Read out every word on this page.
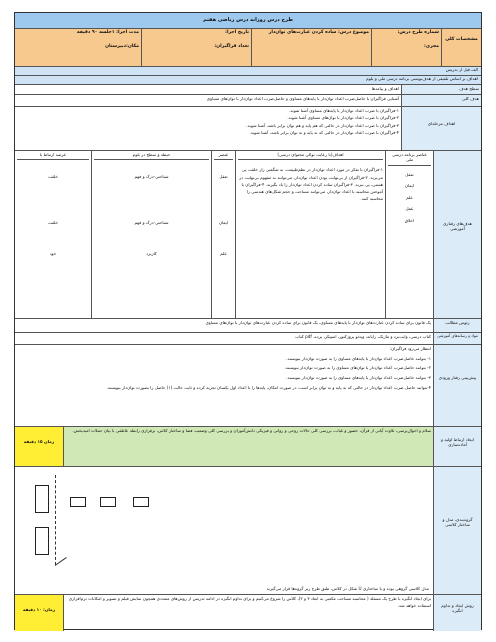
طرح درس روزانه درس ریاضی هفتم
مشخصات کلی
شماره طرح درس:
مجری:
موضوع درس: ساده کردن عبارت‌های توان‌دار
تاریخ اجرا:
تعداد فراگیران:
مدت اجرا: ۱جلسه ۹۰ دقیقه
مکان:دبیرستان
الف قبل از تدریس
اهداف بر اساس تلفیقی از هدف‌نویسی برنامه درسی ملی و بلوم
سطح هدف
اهداف و پیامدها
هدف کلی
آشنایی فراگیران با حاصل‌ضرب اعداد توان‌دار با پایه‌های مساوی و حاصل‌ضرب اعداد توان‌دار با توان‌های مساوی
اهداف مرحله‌ای
۱-فراگیران با ضرب اعداد توان‌دار با پایه‌های مساوی آشنا شوند.
۲-فراگیران با ضرب اعداد توان‌دار با توان‌های مساوی آشنا شوند.
۳-فراگیران با ضرب اعداد توان‌دار در حالتی که هم پایه و هم توان برابر باشد، آشنا شوند.
۴-فراگیران با ضرب اعداد توان‌دار در حالتی که نه پایه و نه توان برابر باشد، آشنا شوند.
هدف‌های رفتاری آموزشی
عناصر برنامه درسی ملی
تعقل
ایمان
علم
عمل
اخلاق
اهداف(با رعایت توالی محتوای درسی)
۱-فراگیران با تفکر در مورد اعداد توان‌دار در نظم‌طبیعت، به شگفتی راز خلقت پی می‌برند. ۲-فراگیران از بی‌نهایت بودن اعداد توان‌دار، می‌توانند به مفهوم بی‌نهایت در هستی، پی ببرند. ۳-فراگیران ساده کردن اعداد توان‌دار را یاد بگیرند. ۴-فراگیران با آموختن محاسبه با اعداد توان‌دار، می‌توانند مساحت و حجم شکل‌های هندسی را محاسبه کنند.
عنصر
تعقل
ایمان
علم
حیطه و سطح در بلوم
شناختی-درک و فهم
شناختی-درک و فهم
کاربرد
عرصه ارتباط با
خلقت
خلقت
خود
رئوس مطالب
یک قانون برای ساده کردن عبارت‌های توان‌دار با پایه‌های مساوی، یک قانون برای ساده کردن عبارت‌های توان‌دار با توان‌های مساوی
مواد و رسانه‌های آموزشی
کتاب درسی، وایت‌برد و ماژیک، رایانه، ویدئو پروژکتور، اسپیکر، پرده، pdf کتاب
پیش‌بینی رفتار ورودی
انتظار می‌رود فراگیران:
۱- بتوانند حاصل‌ضرب اعداد توان‌دار با پایه‌های مساوی را به صورت توان‌دار بنویسند.
۲- بتوانند حاصل‌ضرب اعداد توان‌دار با توان‌های مساوی را به صورت توان‌دار بنویسند.
۳- بتوانند حاصل‌ضرب اعداد توان‌دار با پایه‌های مساوی را به صورت توان‌دار بنویسند.
۴-بتوانند حاصل ضرب اعداد توان‌دار در حالتی که نه پایه و نه توان برابر است، در صورت امکان، پایه‌ها را با اعداد اول یکسان تجربه کرده و ثابت حالت (۱) حاصل را بصورت توان‌دار بنویسند.
ایجاد ارتباط اولیه و آماده‌سازی
سلام و احوال‌پرسی، تلاوت آیاتی از قرآن، حضور و غیاب، بررسی کلی حالات روحی و روانی و فیزیکی دانش‌آموزان و بررسی کلی وضعیت فضا و ساختار کلاس، برقراری رابطه عاطفی با بیان جملات امیدبخش.
زمان ۱۵ دقیقه
گروه‌بندی، مدل و ساختار کلاسی
مدل کلاسی گروهی بوده و با ساختاری U شکل در کلاس، طبق طرح زیر گروه‌ها قرار می‌گیرند
روش ایجاد و تداوم انگیزه
برای ایجاد انگیزه با طرح یک مسئله ( محاسبه مساحت مکعبی به ابعاد ۳ و ۲)، کلاس را شروع می‌کنیم و برای تداوم انگیزه در ادامه تدریس از روش‌های متعددی همچون نمایش فیلم و تصویر و امکانات نرم‌افزاری استفاده خواهد شد.
زمان: ۱۰ دقیقه
